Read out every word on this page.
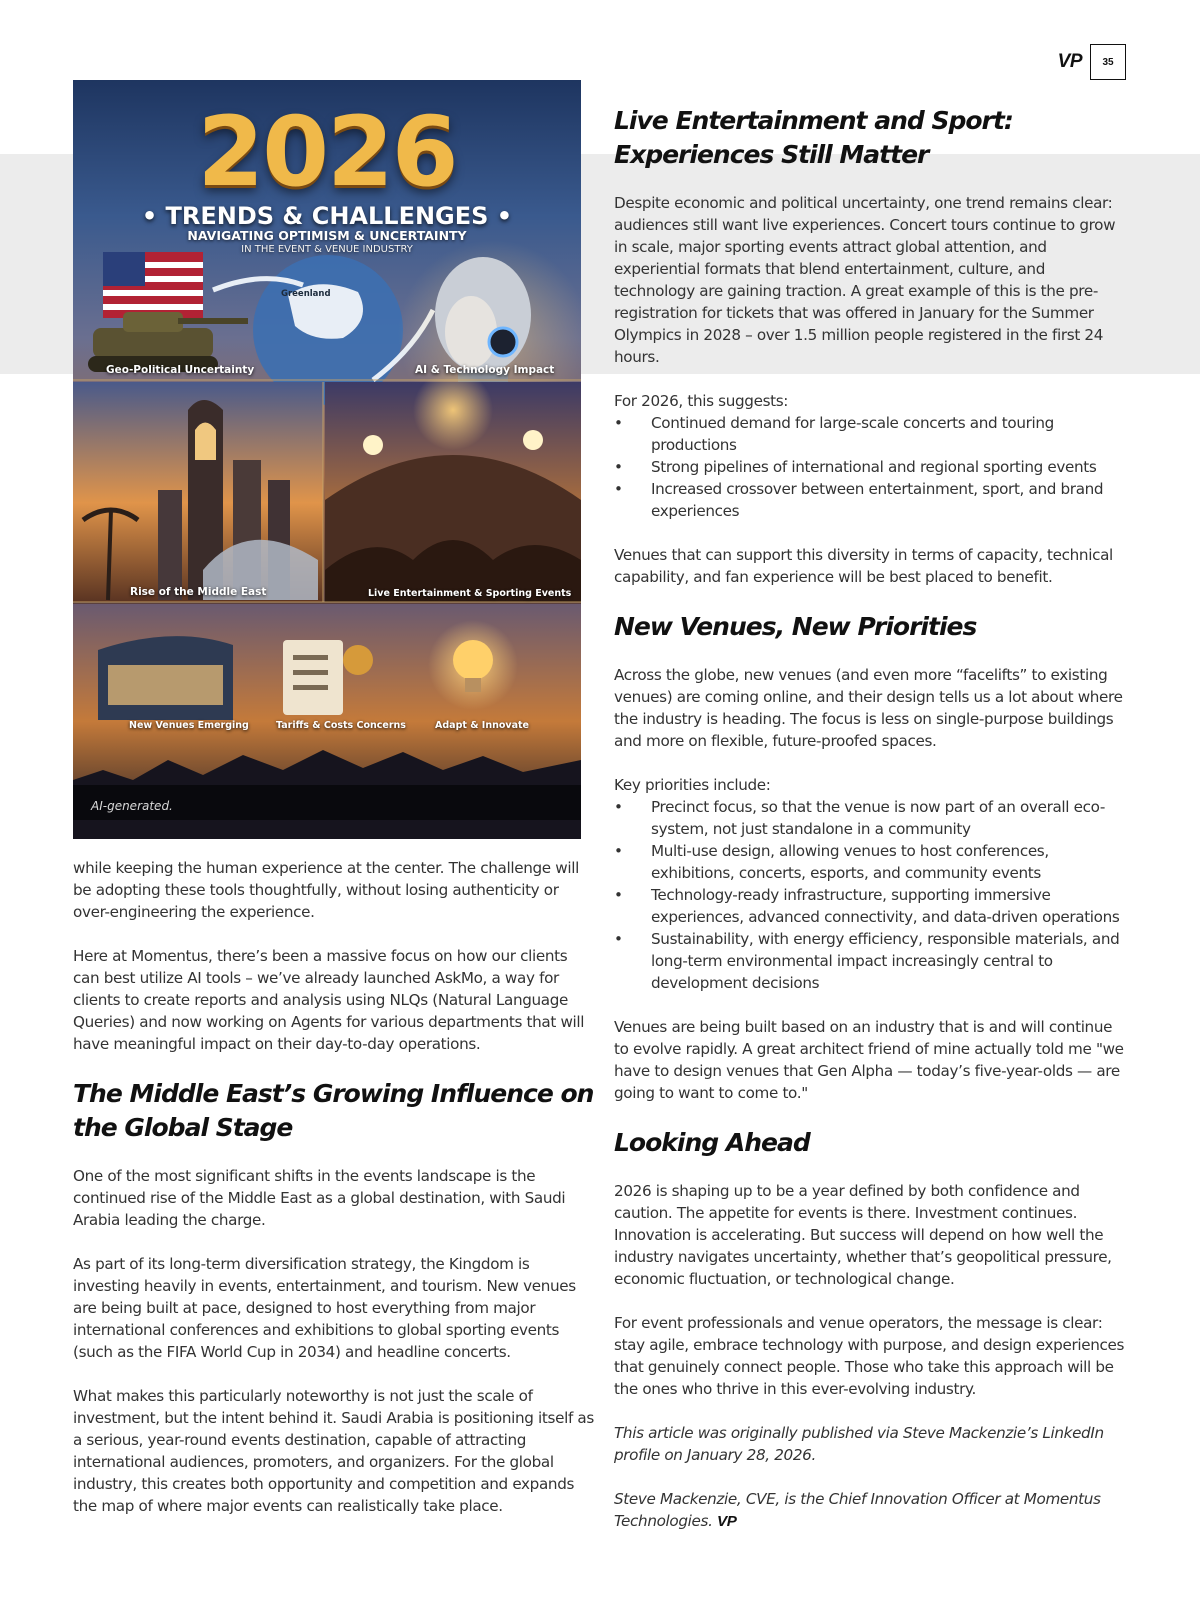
VP	35
2026
• TRENDS & CHALLENGES •
NAVIGATING OPTIMISM & UNCERTAINTY
IN THE EVENT & VENUE INDUSTRY
Greenland
Geo-Political Uncertainty	AI & Technology Impact
Rise of the Middle East	Live Entertainment & Sporting Events
New Venues Emerging	Tariffs & Costs Concerns	Adapt & Innovate
AI-generated.

while keeping the human experience at the center. The challenge will be adopting these tools thoughtfully, without losing authenticity or over-engineering the experience.

Here at Momentus, there’s been a massive focus on how our clients can best utilize AI tools – we’ve already launched AskMo, a way for clients to create reports and analysis using NLQs (Natural Language Queries) and now working on Agents for various departments that will have meaningful impact on their day-to-day operations.

The Middle East’s Growing Influence on the Global Stage

One of the most significant shifts in the events landscape is the continued rise of the Middle East as a global destination, with Saudi Arabia leading the charge.

As part of its long-term diversification strategy, the Kingdom is investing heavily in events, entertainment, and tourism. New venues are being built at pace, designed to host everything from major international conferences and exhibitions to global sporting events (such as the FIFA World Cup in 2034) and headline concerts.

What makes this particularly noteworthy is not just the scale of investment, but the intent behind it. Saudi Arabia is positioning itself as a serious, year-round events destination, capable of attracting international audiences, promoters, and organizers. For the global industry, this creates both opportunity and competition and expands the map of where major events can realistically take place.

Live Entertainment and Sport: Experiences Still Matter

Despite economic and political uncertainty, one trend remains clear: audiences still want live experiences. Concert tours continue to grow in scale, major sporting events attract global attention, and experiential formats that blend entertainment, culture, and technology are gaining traction. A great example of this is the pre-registration for tickets that was offered in January for the Summer Olympics in 2028 – over 1.5 million people registered in the first 24 hours.

For 2026, this suggests:

• Continued demand for large-scale concerts and touring productions
• Strong pipelines of international and regional sporting events
• Increased crossover between entertainment, sport, and brand experiences

Venues that can support this diversity in terms of capacity, technical capability, and fan experience will be best placed to benefit.

New Venues, New Priorities

Across the globe, new venues (and even more “facelifts” to existing venues) are coming online, and their design tells us a lot about where the industry is heading. The focus is less on single-purpose buildings and more on flexible, future-proofed spaces.

Key priorities include:

• Precinct focus, so that the venue is now part of an overall eco-system, not just standalone in a community
• Multi-use design, allowing venues to host conferences, exhibitions, concerts, esports, and community events
• Technology-ready infrastructure, supporting immersive experiences, advanced connectivity, and data-driven operations
• Sustainability, with energy efficiency, responsible materials, and long-term environmental impact increasingly central to development decisions

Venues are being built based on an industry that is and will continue to evolve rapidly. A great architect friend of mine actually told me "we have to design venues that Gen Alpha — today’s five-year-olds — are going to want to come to."

Looking Ahead

2026 is shaping up to be a year defined by both confidence and caution. The appetite for events is there. Investment continues. Innovation is accelerating. But success will depend on how well the industry navigates uncertainty, whether that’s geopolitical pressure, economic fluctuation, or technological change.

For event professionals and venue operators, the message is clear: stay agile, embrace technology with purpose, and design experiences that genuinely connect people. Those who take this approach will be the ones who thrive in this ever-evolving industry.

This article was originally published via Steve Mackenzie’s LinkedIn profile on January 28, 2026.

Steve Mackenzie, CVE, is the Chief Innovation Officer at Momentus Technologies. VP
